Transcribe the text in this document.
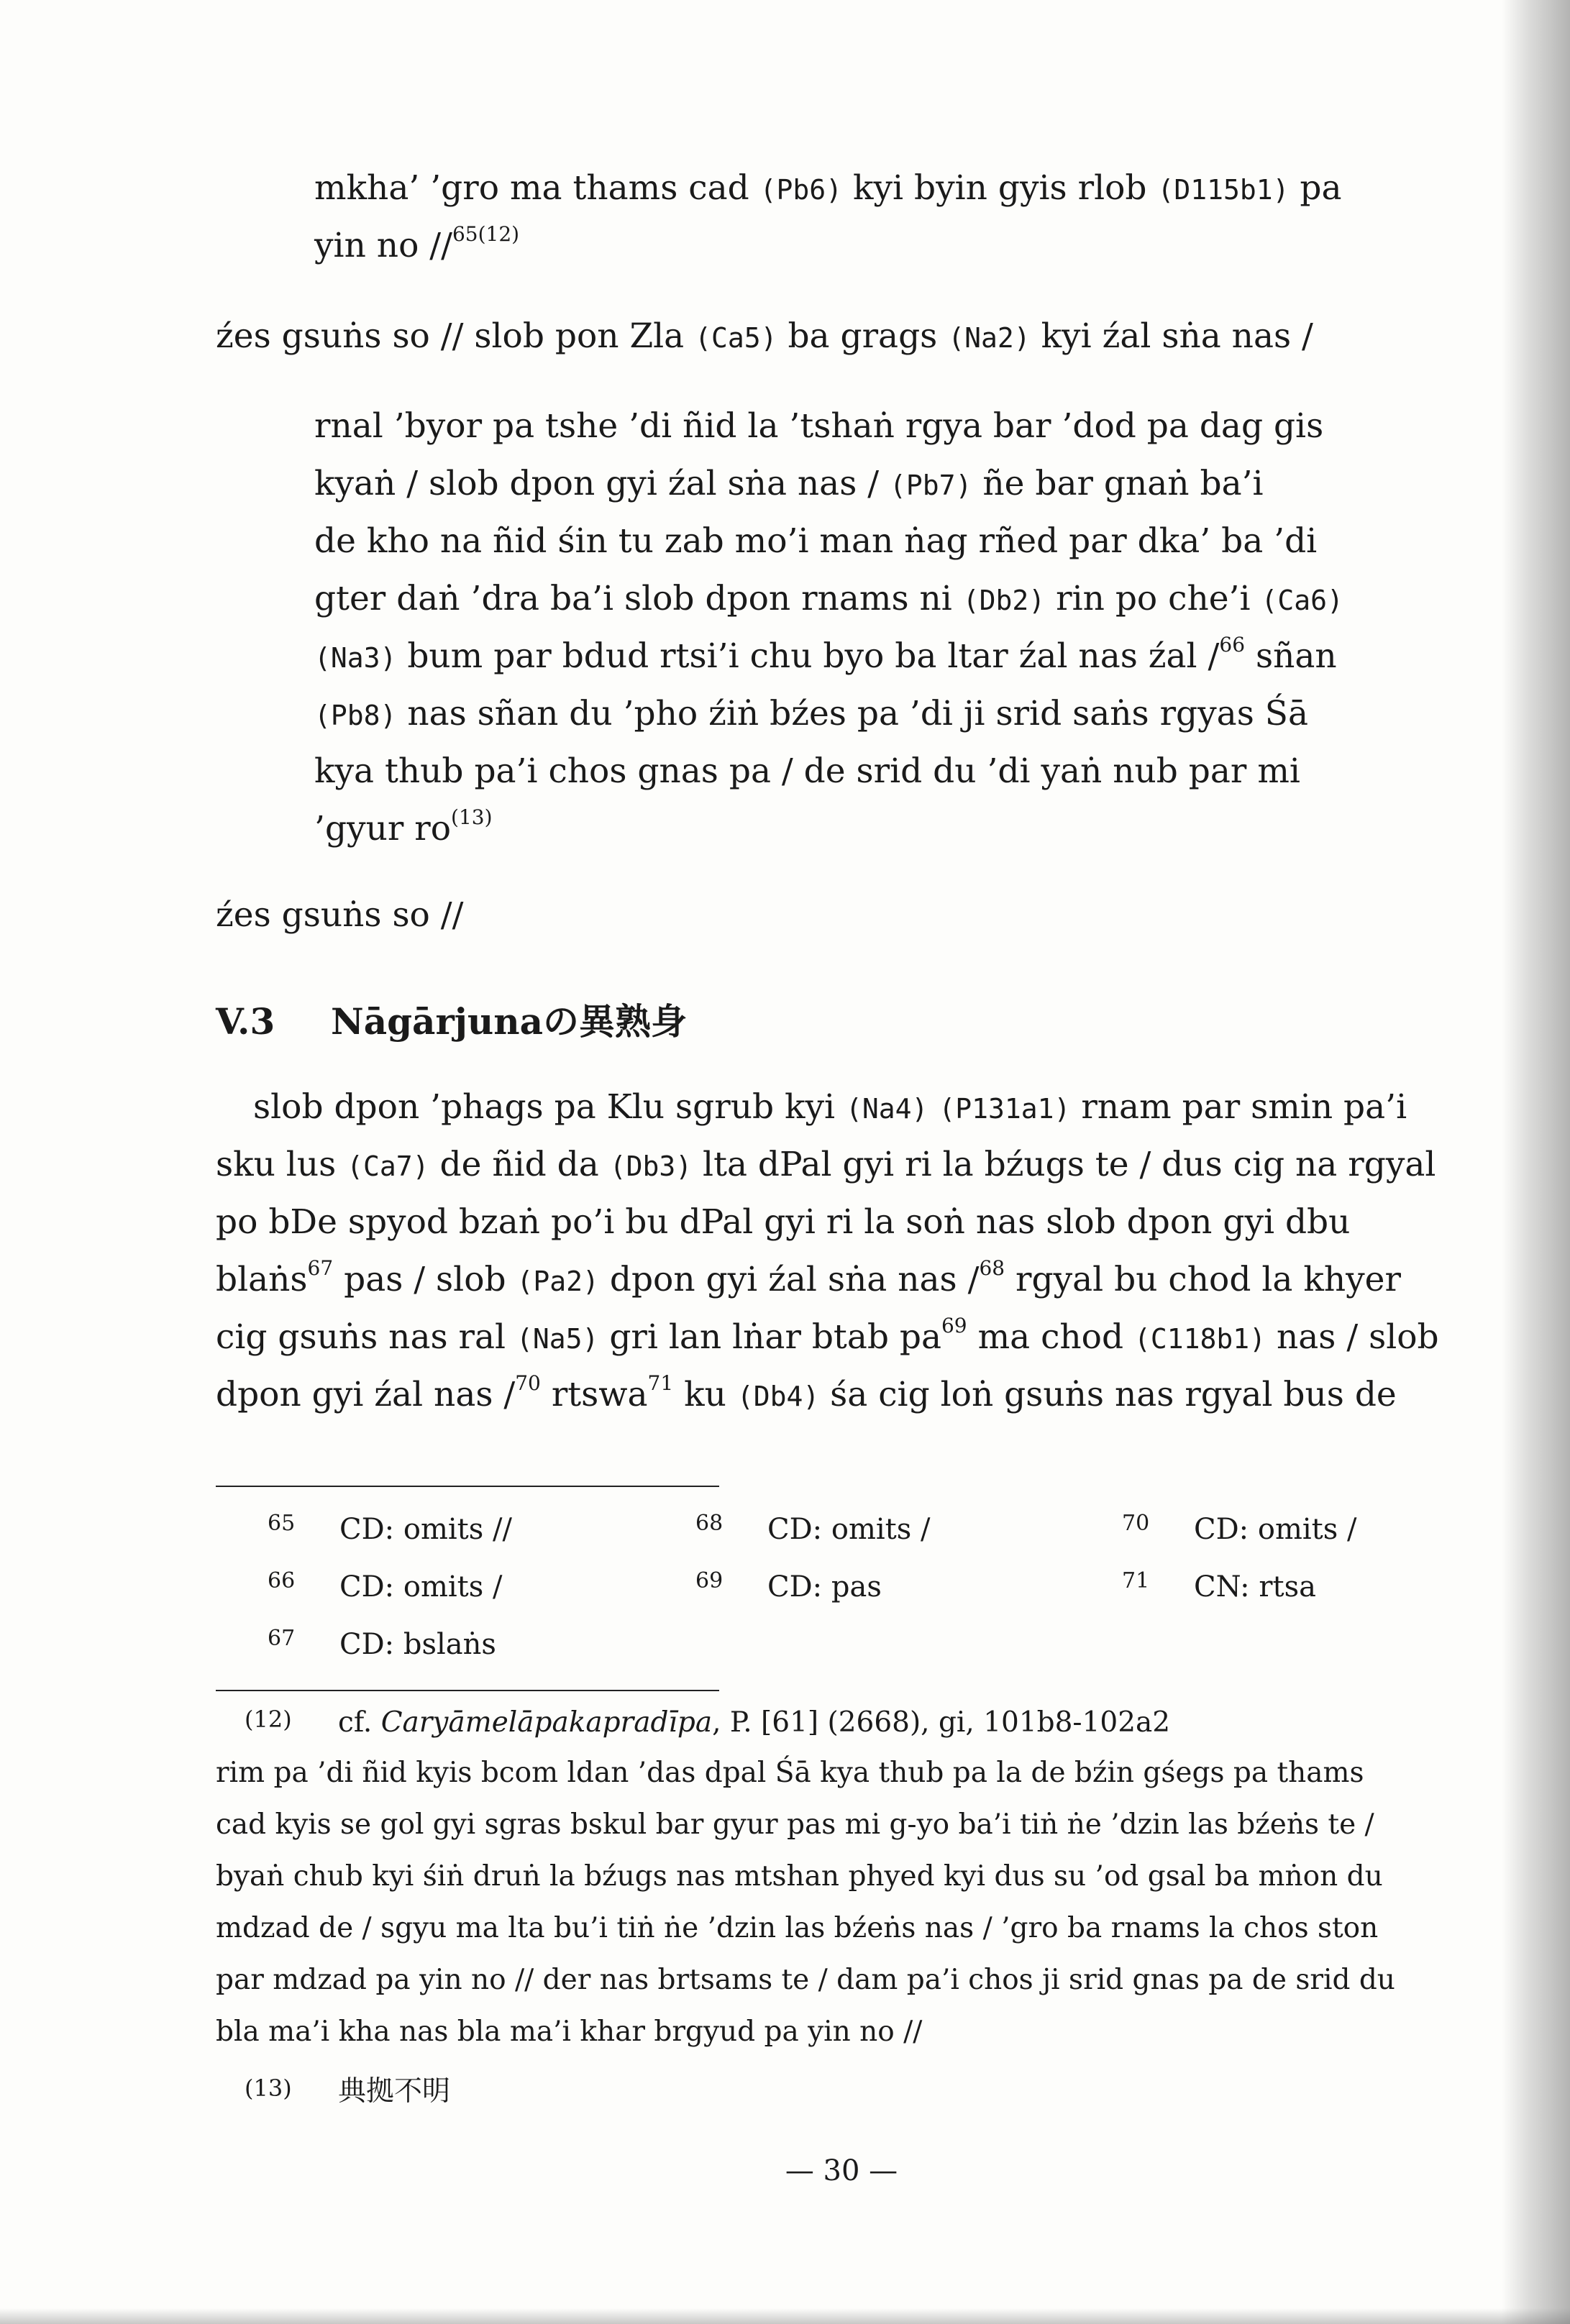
mkha’ ’gro ma thams cad (Pb6) kyi byin gyis rlob (D115b1) pa
yin no //$^{65(12)}$
źes gsuṅs so // slob pon Zla (Ca5) ba grags (Na2) kyi źal sṅa nas /
rnal ’byor pa tshe ’di ñid la ’tshaṅ rgya bar ’dod pa dag gis
kyaṅ / slob dpon gyi źal sṅa nas / (Pb7) ñe bar gnaṅ ba’i
de kho na ñid śin tu zab mo’i man ṅag rñed par dka’ ba ’di
gter daṅ ’dra ba’i slob dpon rnams ni (Db2) rin po che’i (Ca6)
(Na3) bum par bdud rtsi’i chu byo ba ltar źal nas źal /$^{66}$ sñan
(Pb8) nas sñan du ’pho źiṅ bźes pa ’di ji srid saṅs rgyas Śā
kya thub pa’i chos gnas pa / de srid du ’di yaṅ nub par mi
’gyur $ro^{(13)}$
źes gsuṅs so //
V.3 Nāgārjunaの異熟身
slob dpon ’phags pa Klu sgrub kyi (Na4) (P131a1) rnam par smin pa’i
sku lus (Ca7) de ñid da (Db3) lta dPal gyi ri la bźugs te / dus cig na rgyal
po bDe spyod bzaṅ po’i bu dPal gyi ri la soṅ nas slob dpon gyi dbu
blaṅs$^{67}$ pas / slob (Pa2) dpon gyi źal sṅa nas /$^{68}$ rgyal bu chod la khyer
cig gsuṅs nas ral (Na5) gri lan lṅar btab $pa^{69}$ ma chod (C118b1) nas / slob
dpon gyi źal nas /$^{70}$ rtswa$^{71}$ ku (Db4) śa cig loṅ gsuṅs nas rgyal bus de
65 CD: omits //
66 CD: omits /
67 CD: bslaṅs
68 CD: omits /
69 CD: pas
70 CD: omits /
71 CN: rtsa
(12) cf. Caryāmelāpakapradīpa, P. [61] (2668), gi, 101b8-102a2
rim pa ’di ñid kyis bcom ldan ’das dpal Śā kya thub pa la de bźin gśegs pa thams
cad kyis se gol gyi sgras bskul bar gyur pas mi g-yo ba’i tiṅ ṅe ’dzin las bźeṅs te /
byaṅ chub kyi śiṅ druṅ la bźugs nas mtshan phyed kyi dus su ’od gsal ba mṅon du
mdzad de / sgyu ma lta bu’i tiṅ ṅe ’dzin las bźeṅs nas / ’gro ba rnams la chos ston
par mdzad pa yin no // der nas brtsams te / dam pa’i chos ji srid gnas pa de srid du
bla ma’i kha nas bla ma’i khar brgyud pa yin no //
(13) 典拠不明
— 30 —
